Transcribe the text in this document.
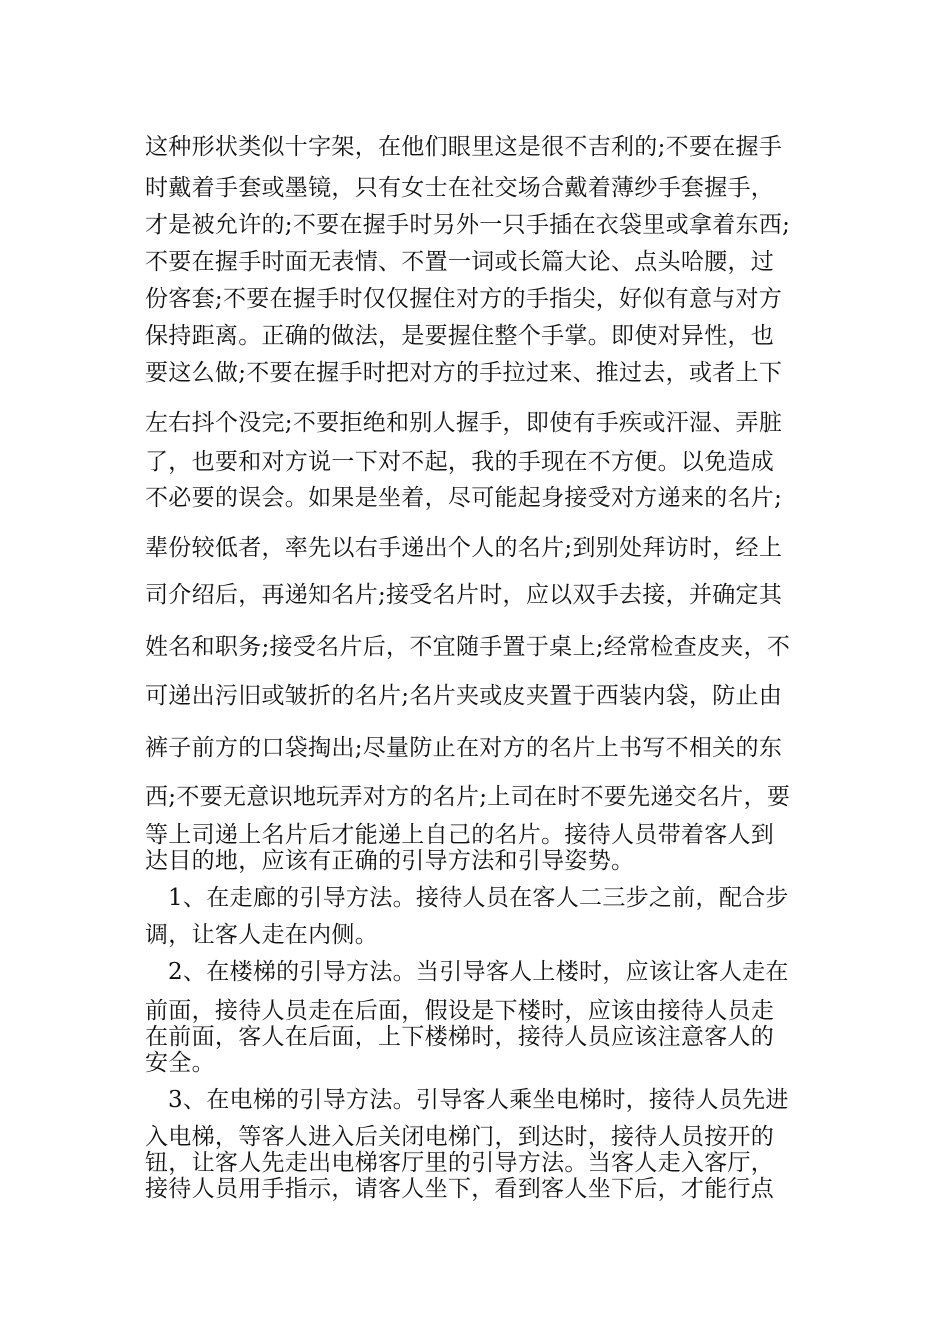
这种形状类似十字架，在他们眼里这是很不吉利的;不要在握手
时戴着手套或墨镜，只有女士在社交场合戴着薄纱手套握手，
才是被允许的;不要在握手时另外一只手插在衣袋里或拿着东西;
不要在握手时面无表情、不置一词或长篇大论、点头哈腰，过
份客套;不要在握手时仅仅握住对方的手指尖，好似有意与对方
保持距离。正确的做法，是要握住整个手掌。即使对异性，也
要这么做;不要在握手时把对方的手拉过来、推过去，或者上下
左右抖个没完;不要拒绝和别人握手，即使有手疾或汗湿、弄脏
了，也要和对方说一下对不起，我的手现在不方便。以免造成
不必要的误会。如果是坐着，尽可能起身接受对方递来的名片;
辈份较低者，率先以右手递出个人的名片;到别处拜访时，经上
司介绍后，再递知名片;接受名片时，应以双手去接，并确定其
姓名和职务;接受名片后，不宜随手置于桌上;经常检查皮夹，不
可递出污旧或皱折的名片;名片夹或皮夹置于西装内袋，防止由
裤子前方的口袋掏出;尽量防止在对方的名片上书写不相关的东
西;不要无意识地玩弄对方的名片;上司在时不要先递交名片，要
等上司递上名片后才能递上自己的名片。接待人员带着客人到
达目的地，应该有正确的引导方法和引导姿势。
1、在走廊的引导方法。接待人员在客人二三步之前，配合步
调，让客人走在内侧。
2、在楼梯的引导方法。当引导客人上楼时，应该让客人走在
前面，接待人员走在后面，假设是下楼时，应该由接待人员走
在前面，客人在后面，上下楼梯时，接待人员应该注意客人的
安全。
3、在电梯的引导方法。引导客人乘坐电梯时，接待人员先进
入电梯，等客人进入后关闭电梯门，到达时，接待人员按开的
钮，让客人先走出电梯客厅里的引导方法。当客人走入客厅，
接待人员用手指示，请客人坐下，看到客人坐下后，才能行点
